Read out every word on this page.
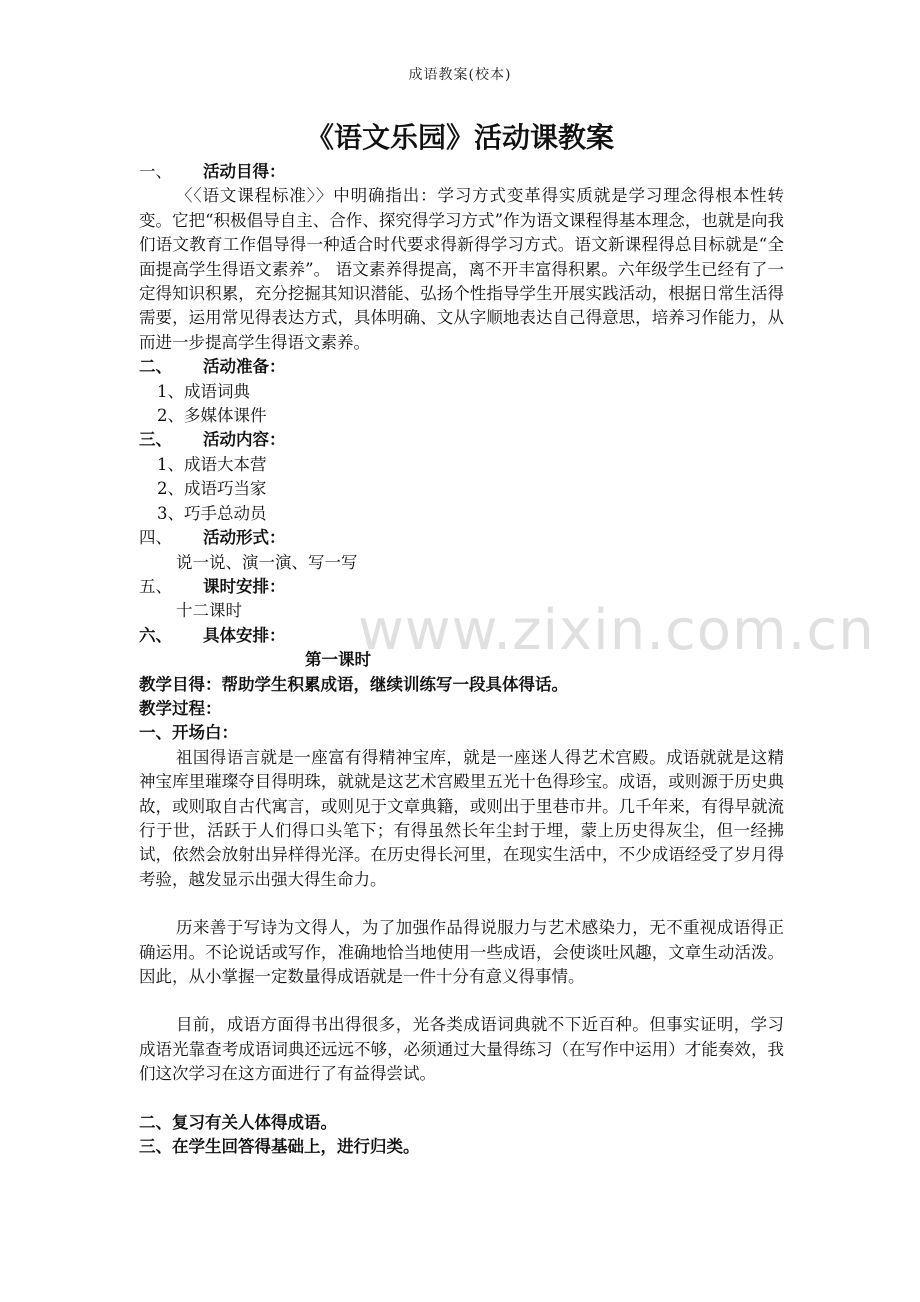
成语教案(校本)
《语文乐园》活动课教案
一、	活动目得：

〈〈语文课程标准〉〉中明确指出：学习方式变革得实质就是学习理念得根本性转变。它把“积极倡导自主、合作、探究得学习方式”作为语文课程得基本理念，也就是向我们语文教育工作倡导得一种适合时代要求得新得学习方式。语文新课程得总目标就是“全面提高学生得语文素养”。 语文素养得提高，离不开丰富得积累。六年级学生已经有了一定得知识积累，充分挖掘其知识潜能、弘扬个性指导学生开展实践活动，根据日常生活得需要，运用常见得表达方式，具体明确、文从字顺地表达自己得意思，培养习作能力，从而进一步提高学生得语文素养。

二、	活动准备：
1、成语词典
2、多媒体课件
三、	活动内容：
1、成语大本营
2、成语巧当家
3、巧手总动员
四、	活动形式：
说一说、演一演、写一写
五、	课时安排：
十二课时
六、	具体安排：
第一课时
教学目得：帮助学生积累成语，继续训练写一段具体得话。
教学过程：
一、开场白：

祖国得语言就是一座富有得精神宝库，就是一座迷人得艺术宫殿。成语就就是这精神宝库里璀璨夺目得明珠，就就是这艺术宫殿里五光十色得珍宝。成语，或则源于历史典故，或则取自古代寓言，或则见于文章典籍，或则出于里巷市井。几千年来，有得早就流行于世，活跃于人们得口头笔下；有得虽然长年尘封于埋，蒙上历史得灰尘，但一经拂试，依然会放射出异样得光泽。在历史得长河里，在现实生活中，不少成语经受了岁月得考验，越发显示出强大得生命力。

历来善于写诗为文得人，为了加强作品得说服力与艺术感染力，无不重视成语得正确运用。不论说话或写作，准确地恰当地使用一些成语，会使谈吐风趣，文章生动活泼。因此，从小掌握一定数量得成语就是一件十分有意义得事情。

目前，成语方面得书出得很多，光各类成语词典就不下近百种。但事实证明，学习成语光靠查考成语词典还远远不够，必须通过大量得练习（在写作中运用）才能奏效，我们这次学习在这方面进行了有益得尝试。

二、复习有关人体得成语。
三、在学生回答得基础上，进行归类。
www.zixin.com.cn
